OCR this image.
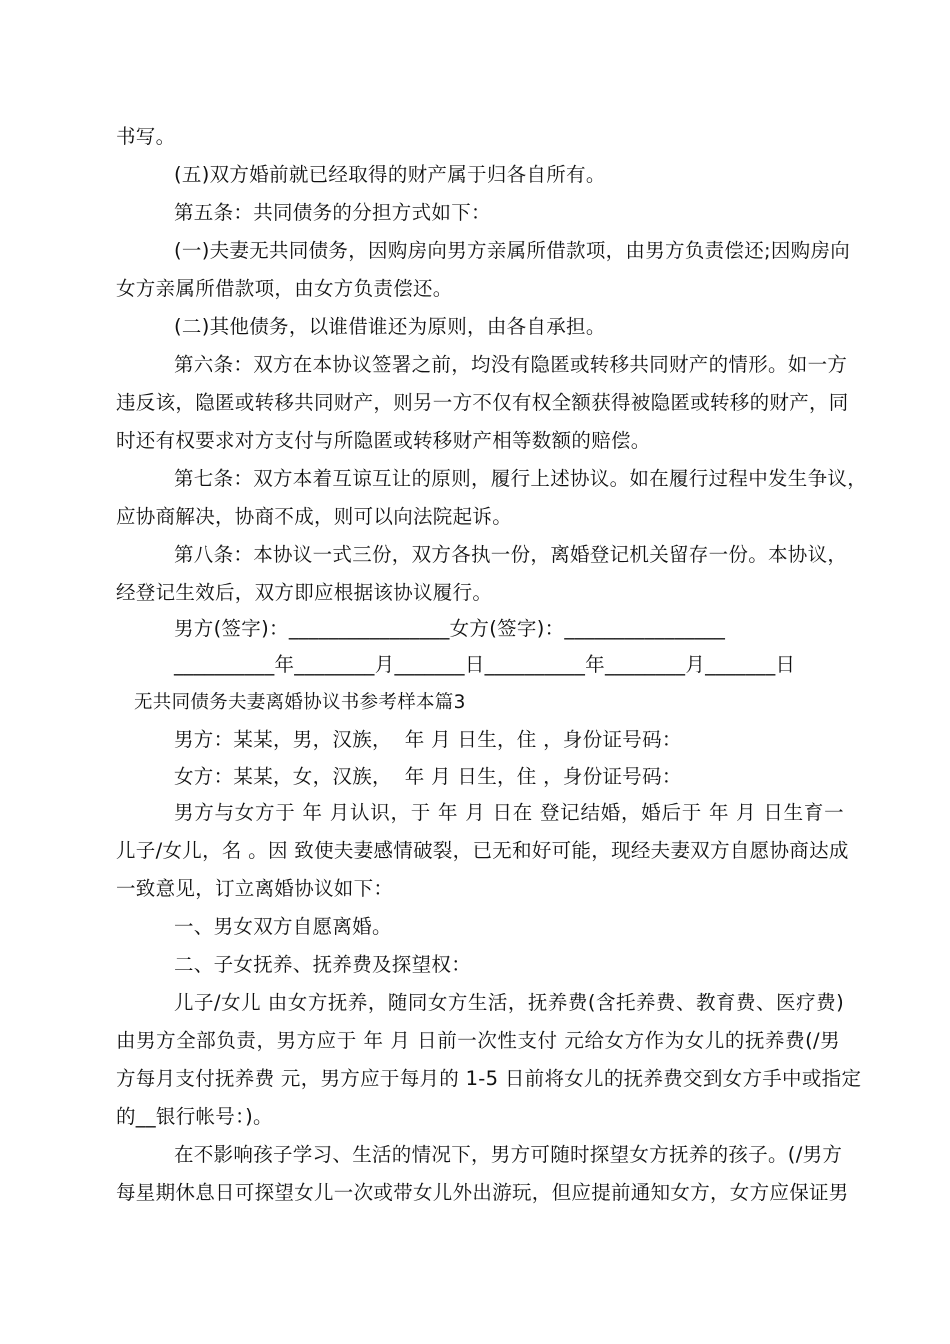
书写。
(五)双方婚前就已经取得的财产属于归各自所有。
第五条：共同债务的分担方式如下：
(一)夫妻无共同债务，因购房向男方亲属所借款项，由男方负责偿还;因购房向
女方亲属所借款项，由女方负责偿还。
(二)其他债务，以谁借谁还为原则，由各自承担。
第六条：双方在本协议签署之前，均没有隐匿或转移共同财产的情形。如一方
违反该，隐匿或转移共同财产，则另一方不仅有权全额获得被隐匿或转移的财产，同
时还有权要求对方支付与所隐匿或转移财产相等数额的赔偿。
第七条：双方本着互谅互让的原则，履行上述协议。如在履行过程中发生争议，
应协商解决，协商不成，则可以向法院起诉。
第八条：本协议一式三份，双方各执一份，离婚登记机关留存一份。本协议，
经登记生效后，双方即应根据该协议履行。
男方(签字)：________________女方(签字)：________________
__________年________月_______日__________年________月_______日
无共同债务夫妻离婚协议书参考样本篇3
男方：某某，男，汉族，  年 月 日生，住 ，身份证号码：
女方：某某，女，汉族，  年 月 日生，住 ，身份证号码：
男方与女方于 年 月认识，于 年 月 日在 登记结婚，婚后于 年 月 日生育一
儿子/女儿，名 。因 致使夫妻感情破裂，已无和好可能，现经夫妻双方自愿协商达成
一致意见，订立离婚协议如下：
一、男女双方自愿离婚。
二、子女抚养、抚养费及探望权：
儿子/女儿 由女方抚养，随同女方生活，抚养费(含托养费、教育费、医疗费)
由男方全部负责，男方应于 年 月 日前一次性支付 元给女方作为女儿的抚养费(/男
方每月支付抚养费 元，男方应于每月的 1-5 日前将女儿的抚养费交到女方手中或指定
的__银行帐号：)。
在不影响孩子学习、生活的情况下，男方可随时探望女方抚养的孩子。(/男方
每星期休息日可探望女儿一次或带女儿外出游玩，但应提前通知女方，女方应保证男
